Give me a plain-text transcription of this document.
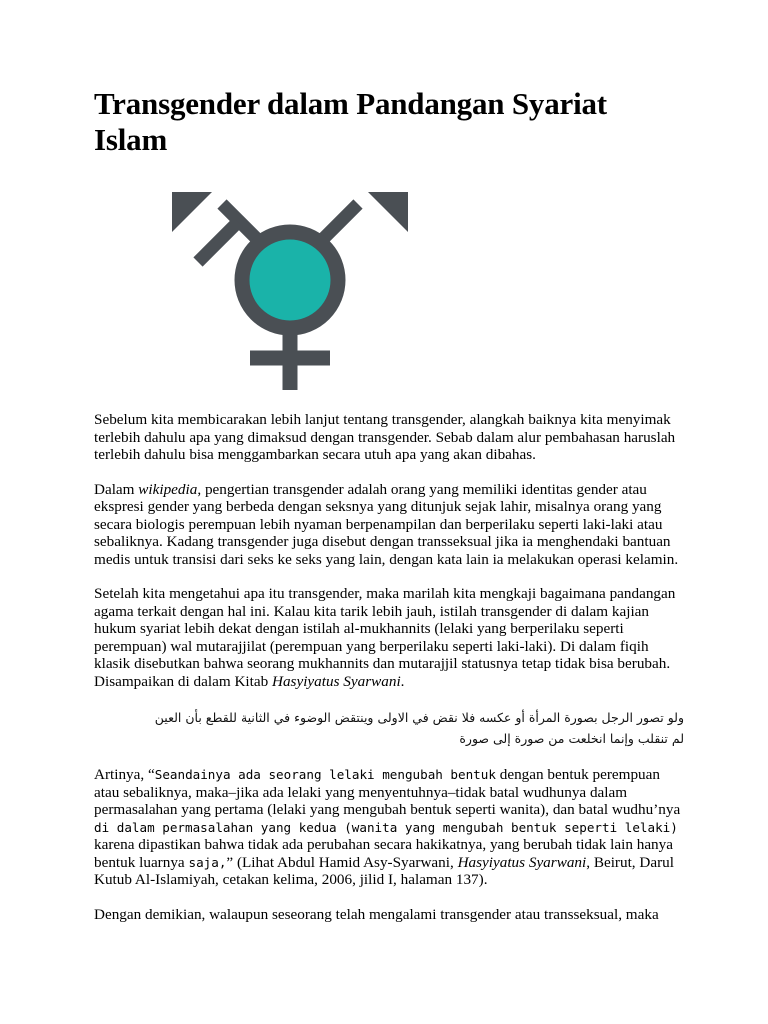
Transgender dalam Pandangan Syariat Islam

Sebelum kita membicarakan lebih lanjut tentang transgender, alangkah baiknya kita menyimak terlebih dahulu apa yang dimaksud dengan transgender. Sebab dalam alur pembahasan haruslah terlebih dahulu bisa menggambarkan secara utuh apa yang akan dibahas.

Dalam wikipedia, pengertian transgender adalah orang yang memiliki identitas gender atau ekspresi gender yang berbeda dengan seksnya yang ditunjuk sejak lahir, misalnya orang yang secara biologis perempuan lebih nyaman berpenampilan dan berperilaku seperti laki-laki atau sebaliknya. Kadang transgender juga disebut dengan transseksual jika ia menghendaki bantuan medis untuk transisi dari seks ke seks yang lain, dengan kata lain ia melakukan operasi kelamin.

Setelah kita mengetahui apa itu transgender, maka marilah kita mengkaji bagaimana pandangan agama terkait dengan hal ini. Kalau kita tarik lebih jauh, istilah transgender di dalam kajian hukum syariat lebih dekat dengan istilah al-mukhannits (lelaki yang berperilaku seperti perempuan) wal mutarajjilat (perempuan yang berperilaku seperti laki-laki). Di dalam fiqih klasik disebutkan bahwa seorang mukhannits dan mutarajjil statusnya tetap tidak bisa berubah. Disampaikan di dalam Kitab Hasyiyatus Syarwani.

ولو تصور الرجل بصورة المرأة أو عكسه فلا نقض في الاولى وينتقض الوضوء في الثانية للقطع بأن العين
لم تنقلب وإنما انخلعت من صورة إلى صورة

Artinya, “Seandainya ada seorang lelaki mengubah bentuk dengan bentuk perempuan atau sebaliknya, maka–jika ada lelaki yang menyentuhnya–tidak batal wudhunya dalam permasalahan yang pertama (lelaki yang mengubah bentuk seperti wanita), dan batal wudhu’nya di dalam permasalahan yang kedua (wanita yang mengubah bentuk seperti lelaki) karena dipastikan bahwa tidak ada perubahan secara hakikatnya, yang berubah tidak lain hanya bentuk luarnya saja,” (Lihat Abdul Hamid Asy-Syarwani, Hasyiyatus Syarwani, Beirut, Darul Kutub Al-Islamiyah, cetakan kelima, 2006, jilid I, halaman 137).

Dengan demikian, walaupun seseorang telah mengalami transgender atau transseksual, maka
